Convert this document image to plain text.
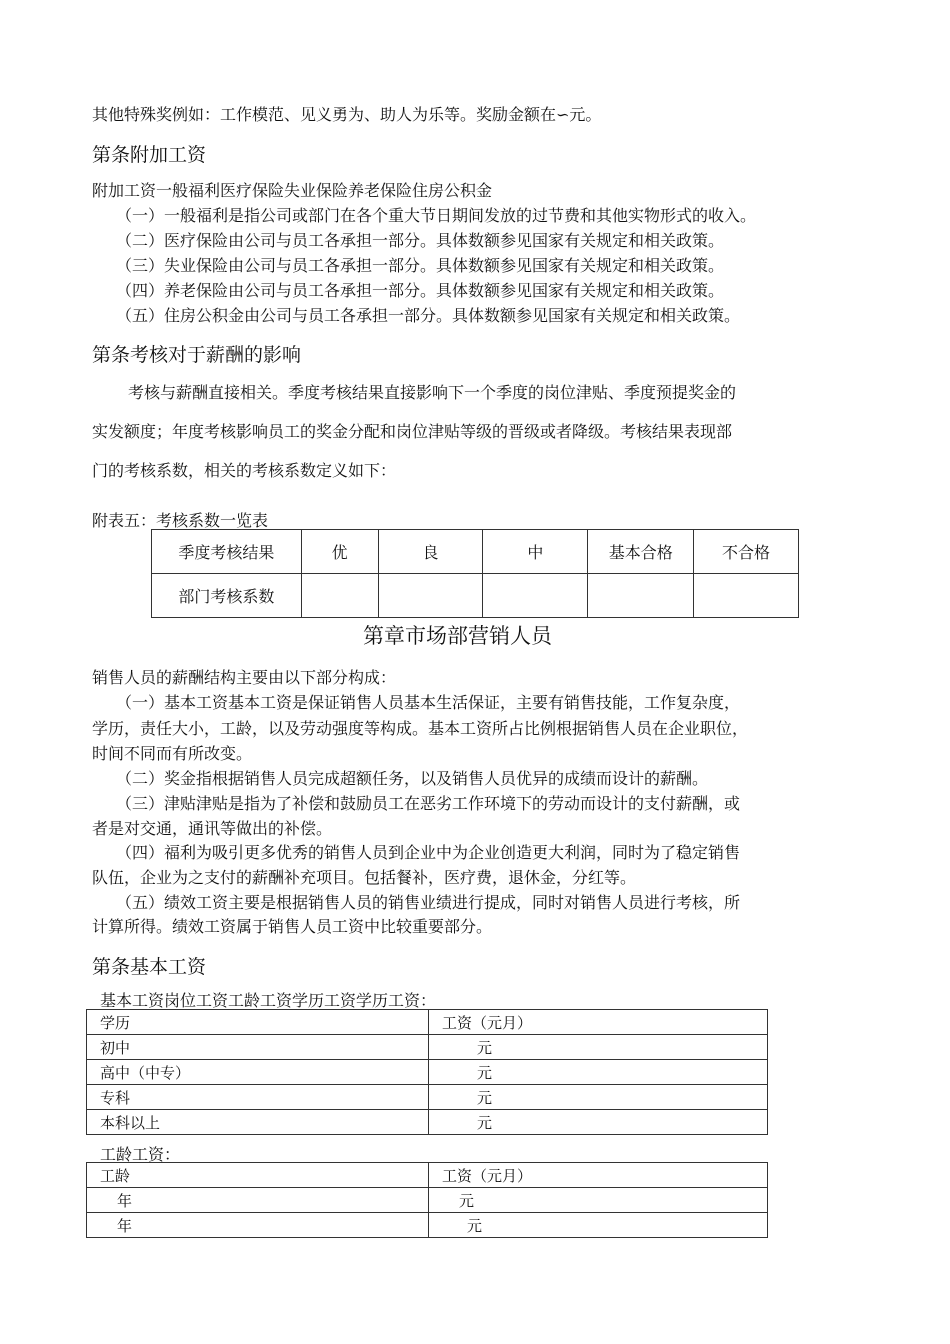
其他特殊奖例如：工作模范、见义勇为、助人为乐等。奖励金额在∽元。
第条附加工资
附加工资一般福利医疗保险失业保险养老保险住房公积金
（一）一般福利是指公司或部门在各个重大节日期间发放的过节费和其他实物形式的收入。
（二）医疗保险由公司与员工各承担一部分。具体数额参见国家有关规定和相关政策。
（三）失业保险由公司与员工各承担一部分。具体数额参见国家有关规定和相关政策。
（四）养老保险由公司与员工各承担一部分。具体数额参见国家有关规定和相关政策。
（五）住房公积金由公司与员工各承担一部分。具体数额参见国家有关规定和相关政策。
第条考核对于薪酬的影响
考核与薪酬直接相关。季度考核结果直接影响下一个季度的岗位津贴、季度预提奖金的
实发额度；年度考核影响员工的奖金分配和岗位津贴等级的晋级或者降级。考核结果表现部
门的考核系数，相关的考核系数定义如下：
附表五：考核系数一览表
季度考核结果	优	良	中	基本合格	不合格
部门考核系数					
第章市场部营销人员
销售人员的薪酬结构主要由以下部分构成：
（一）基本工资基本工资是保证销售人员基本生活保证，主要有销售技能，工作复杂度，
学历，责任大小，工龄，以及劳动强度等构成。基本工资所占比例根据销售人员在企业职位，
时间不同而有所改变。
（二）奖金指根据销售人员完成超额任务，以及销售人员优异的成绩而设计的薪酬。
（三）津贴津贴是指为了补偿和鼓励员工在恶劣工作环境下的劳动而设计的支付薪酬，或
者是对交通，通讯等做出的补偿。
（四）福利为吸引更多优秀的销售人员到企业中为企业创造更大利润，同时为了稳定销售
队伍，企业为之支付的薪酬补充项目。包括餐补，医疗费，退休金，分红等。
（五）绩效工资主要是根据销售人员的销售业绩进行提成，同时对销售人员进行考核，所
计算所得。绩效工资属于销售人员工资中比较重要部分。
第条基本工资
基本工资岗位工资工龄工资学历工资学历工资：
学历	工资（元月）
初中	元
高中（中专）	元
专科	元
本科以上	元
工龄工资：
工龄	工资（元月）
年	元
年	元
